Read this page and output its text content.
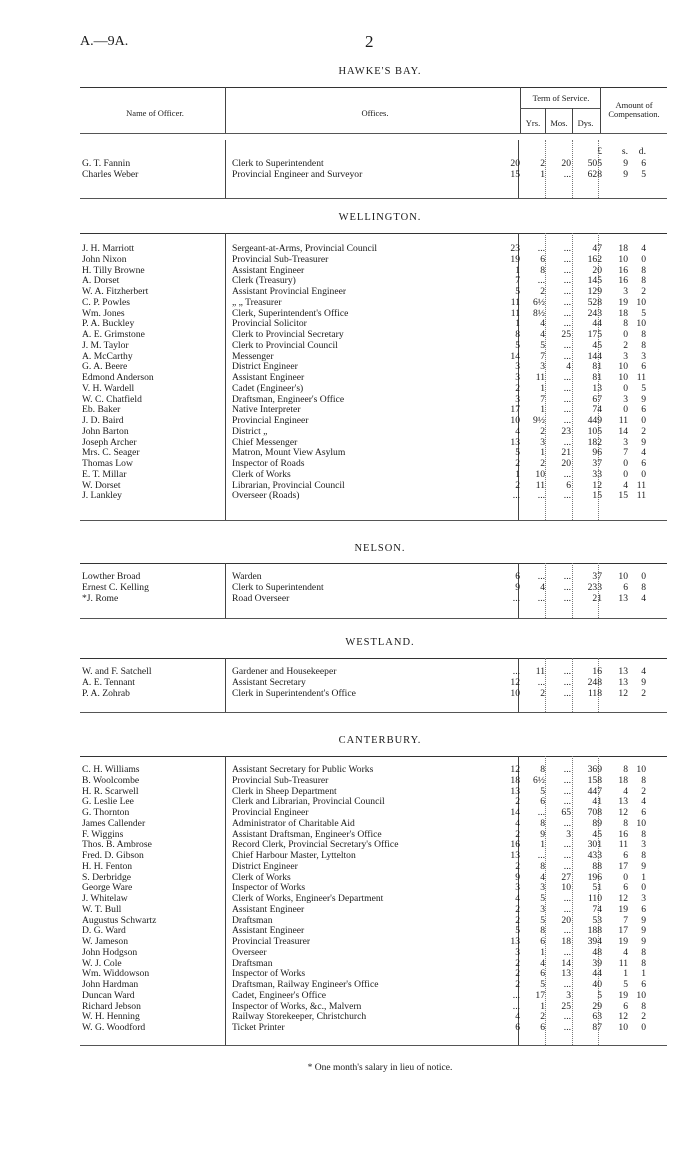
A.—9A.	2
Name of Officer.	Offices.
Term of Service.
Yrs.	Mos.	Dys.
Amount of Compensation.
£	s.	d.
HAWKE'S BAY.
G. T. Fannin	Clerk to Superintendent	20	2	20	505	9	6
Charles Weber	Provincial Engineer and Surveyor	15	1	...	628	9	5
WELLINGTON.
J. H. Marriott	Sergeant-at-Arms, Provincial Council	23	...	...	47	18	4
John Nixon	Provincial Sub-Treasurer	19	6	...	162	10	0
H. Tilly Browne	Assistant Engineer	1	8	...	20	16	8
A. Dorset	Clerk (Treasury)	7	...	...	145	16	8
W. A. Fitzherbert	Assistant Provincial Engineer	5	2	...	129	3	2
C. P. Powles	„ „ Treasurer	11	6½	...	528	19 10
Wm. Jones	Clerk, Superintendent's Office	11	8½	...	243	18	5
P. A. Buckley	Provincial Solicitor	1	4	...	44	8 10
A. E. Grimstone	Clerk to Provincial Secretary	8	4	25	175	0	8
J. M. Taylor	Clerk to Provincial Council	5	5	...	45	2	8
A. McCarthy	Messenger	14	7	...	144	3	3
G. A. Beere	District Engineer	3	3	4	81	10	6
Edmond Anderson	Assistant Engineer	3	11	...	81	10 11
V. H. Wardell	Cadet (Engineer's)	2	1	...	13	0	5
W. C. Chatfield	Draftsman, Engineer's Office	3	7	...	67	3	9
Eb. Baker	Native Interpreter	17	1	...	74	0	6
J. D. Baird	Provincial Engineer	10	9½	...	449	11	0
John Barton	District „	4	2	23	105	14	2
Joseph Archer	Chief Messenger	13	3	...	182	3	9
Mrs. C. Seager	Matron, Mount View Asylum	5	1	21	96	7	4
Thomas Low	Inspector of Roads	2	2	20	37	0	6
E. T. Millar	Clerk of Works	1	10	...	33	0	0
W. Dorset	Librarian, Provincial Council	2	11	6	12	4 11
J. Lankley	Overseer (Roads)	...	...	...	15	15 11
NELSON.
Lowther Broad	Warden	6	...	...	37	10	0
Ernest C. Kelling	Clerk to Superintendent	9	4	...	233	6	8
*J. Rome	Road Overseer	...	...	...	21	13	4
WESTLAND.
W. and F. Satchell	Gardener and Housekeeper	...	11	...	16	13	4
A. E. Tennant	Assistant Secretary	12	...	...	248	13	9
P. A. Zohrab	Clerk in Superintendent's Office	10	2	...	118	12	2
CANTERBURY.
C. H. Williams	Assistant Secretary for Public Works	12	8	...	369	8 10
B. Woolcombe	Provincial Sub-Treasurer	18	6½	...	158	18	8
H. R. Scarwell	Clerk in Sheep Department	13	5	...	447	4	2
G. Leslie Lee	Clerk and Librarian, Provincial Council	2	6	...	41	13	4
G. Thornton	Provincial Engineer	14	...	65	708	12	6
James Callender	Administrator of Charitable Aid	4	8	...	89	8 10
F. Wiggins	Assistant Draftsman, Engineer's Office	2	9	3	45	16	8
Thos. B. Ambrose	Record Clerk, Provincial Secretary's Office	16	1	...	301	11	3
Fred. D. Gibson	Chief Harbour Master, Lyttelton	13	...	...	433	6	8
H. H. Fenton	District Engineer	2	8	...	88	17	9
S. Derbridge	Clerk of Works	9	4	27	196	0	1
George Ware	Inspector of Works	3	3	10	51	6	0
J. Whitelaw	Clerk of Works, Engineer's Department	4	5	...	110	12	3
W. T. Bull	Assistant Engineer	2	3	...	74	19	6
Augustus Schwartz	Draftsman	2	5	20	53	7	9
D. G. Ward	Assistant Engineer	5	8	...	188	17	9
W. Jameson	Provincial Treasurer	13	6	18	394	19	9
John Hodgson	Overseer	3	1	...	48	4	8
W. J. Cole	Draftsman	2	4	14	39	11	8
Wm. Widdowson	Inspector of Works	2	6	13	44	1	1
John Hardman	Draftsman, Railway Engineer's Office	2	5	...	40	5	6
Duncan Ward	Cadet, Engineer's Office	...	17	3	5	19 10
Richard Jebson	Inspector of Works, &c., Malvern	...	1	25	29	6	8
W. H. Henning	Railway Storekeeper, Christchurch	4	2	...	63	12	2
W. G. Woodford	Ticket Printer	6	6	...	87	10	0
* One month's salary in lieu of notice.
